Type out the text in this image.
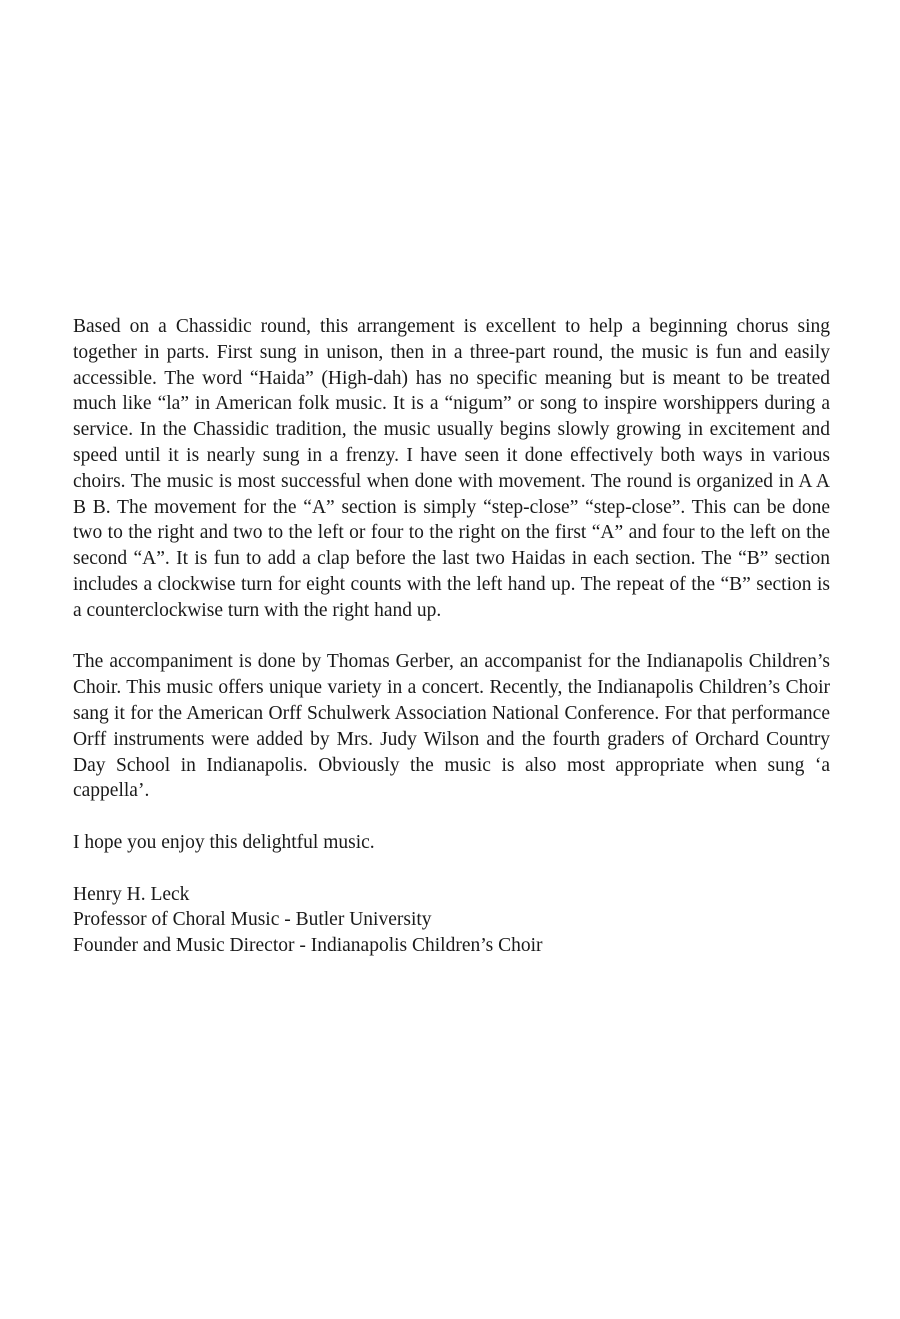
Based on a Chassidic round, this arrangement is excellent to help a beginning chorus sing together in parts. First sung in unison, then in a three-part round, the music is fun and easily accessible. The word “Haida” (High-dah) has no specific meaning but is meant to be treated much like “la” in American folk music. It is a “nigum” or song to inspire worshippers during a service. In the Chassidic tradition, the music usually begins slowly growing in excitement and speed until it is nearly sung in a frenzy. I have seen it done effectively both ways in various choirs. The music is most successful when done with movement. The round is organized in A A B B. The movement for the “A” section is simply “step-close” “step-close”. This can be done two to the right and two to the left or four to the right on the first “A” and four to the left on the second “A”. It is fun to add a clap before the last two Haidas in each section. The “B” section includes a clockwise turn for eight counts with the left hand up. The repeat of the “B” section is a counterclockwise turn with the right hand up.

The accompaniment is done by Thomas Gerber, an accompanist for the Indianapolis Children’s Choir. This music offers unique variety in a concert. Recently, the Indianapolis Children’s Choir sang it for the American Orff Schulwerk Association National Conference. For that performance Orff instruments were added by Mrs. Judy Wilson and the fourth graders of Orchard Country Day School in Indianapolis. Obviously the music is also most appropriate when sung ‘a cappella’.

I hope you enjoy this delightful music.

Henry H. Leck
Professor of Choral Music - Butler University
Founder and Music Director - Indianapolis Children’s Choir
